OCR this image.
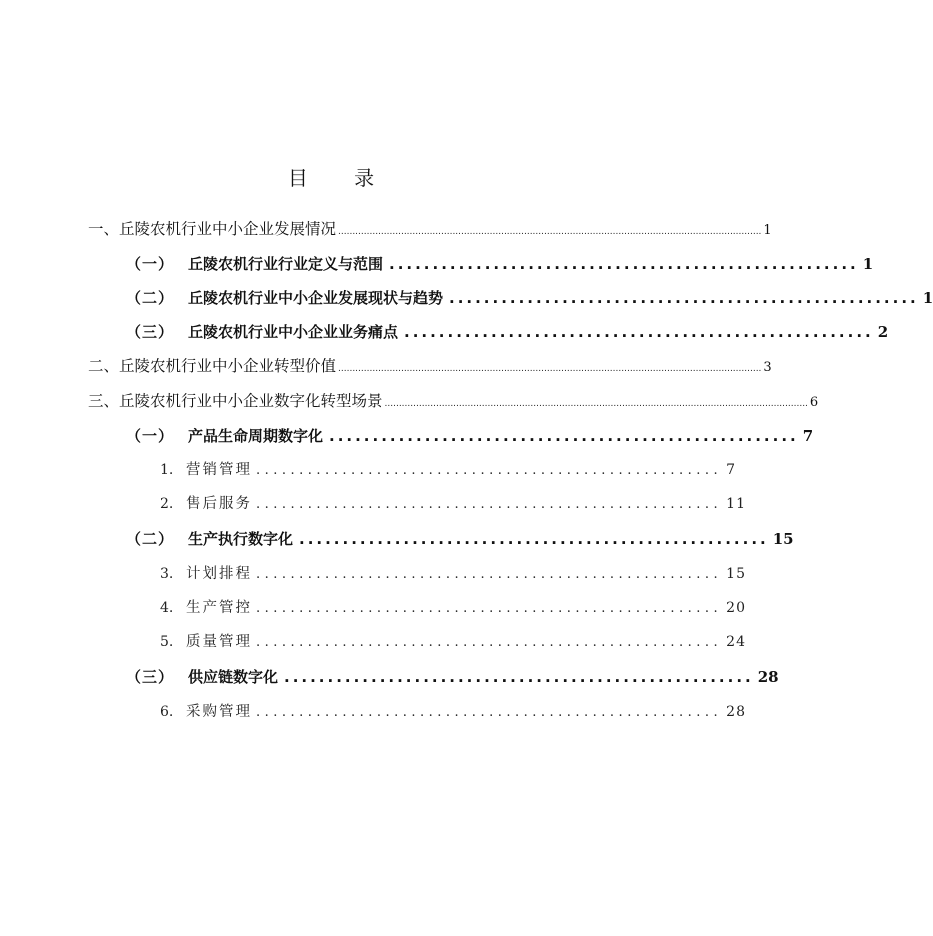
目 录
一、丘陵农机行业中小企业发展情况 .................................................................................................................................................... 1
（一） 丘陵农机行业行业定义与范围 ...................................................... 1
（二） 丘陵农机行业中小企业发展现状与趋势 ...................................................... 1
（三） 丘陵农机行业中小企业业务痛点 ...................................................... 2
二、丘陵农机行业中小企业转型价值 .................................................................................................................................................... 3
三、丘陵农机行业中小企业数字化转型场景 .................................................................................................................................................... 6
（一） 产品生命周期数字化 ...................................................... 7
1. 营销管理 ...................................................... 7
2. 售后服务 ...................................................... 11
（二） 生产执行数字化 ...................................................... 15
3. 计划排程 ...................................................... 15
4. 生产管控 ...................................................... 20
5. 质量管理 ...................................................... 24
（三） 供应链数字化 ...................................................... 28
6. 采购管理 ...................................................... 28
